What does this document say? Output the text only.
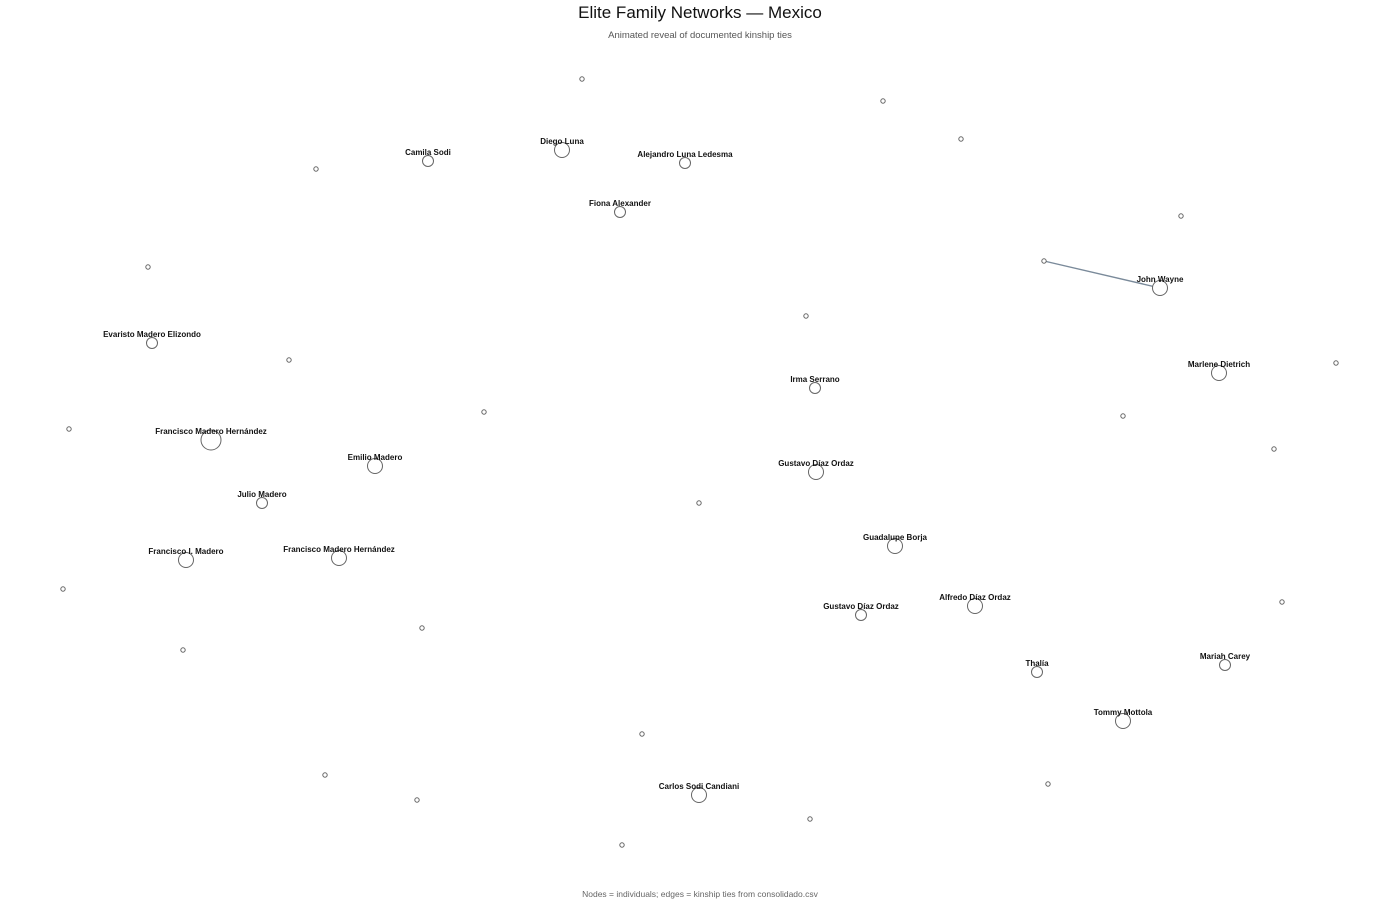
Elite Family Networks — Mexico
Animated reveal of documented kinship ties
Camila Sodi
Diego Luna
Alejandro Luna Ledesma
Fiona Alexander
John Wayne
Evaristo Madero Elizondo
Marlene Dietrich
Irma Serrano
Francisco Madero Hernández
Emilio Madero
Gustavo Díaz Ordaz
Julio Madero
Guadalupe Borja
Francisco I. Madero	Francisco Madero Hernández
Alfredo Díaz Ordaz
Gustavo Díaz Ordaz
Thalía
Mariah Carey
Tommy Mottola
Carlos Sodi Candiani
Nodes = individuals; edges = kinship ties from consolidado.csv
